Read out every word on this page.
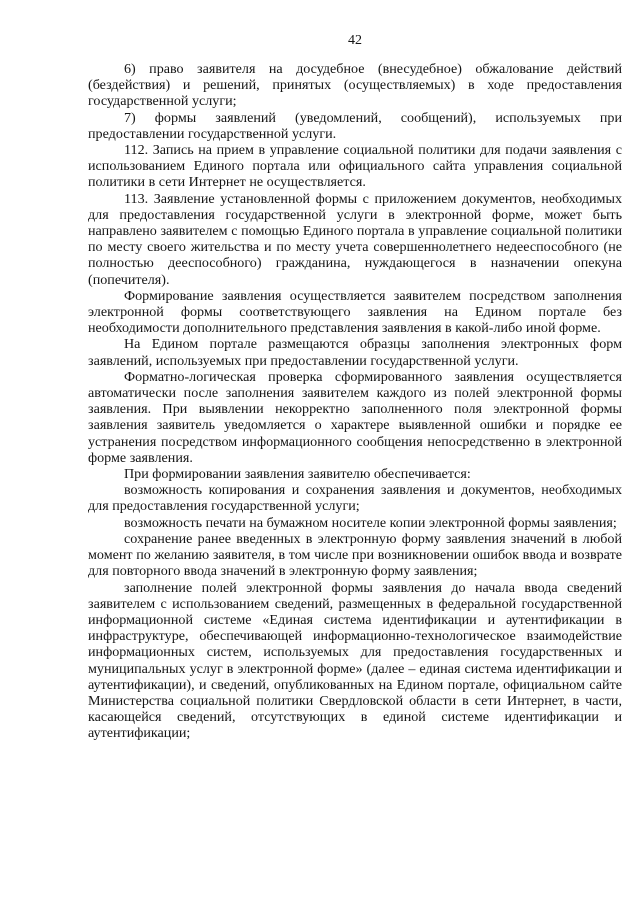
42

6) право заявителя на досудебное (внесудебное) обжалование действий (бездействия) и решений, принятых (осуществляемых) в ходе предоставления государственной услуги;

7) формы заявлений (уведомлений, сообщений), используемых при предоставлении государственной услуги.

112. Запись на прием в управление социальной политики для подачи заявления с использованием Единого портала или официального сайта управления социальной политики в сети Интернет не осуществляется.

113. Заявление установленной формы с приложением документов, необходимых для предоставления государственной услуги в электронной форме, может быть направлено заявителем с помощью Единого портала в управление социальной политики по месту своего жительства и по месту учета совершеннолетнего недееспособного (не полностью дееспособного) гражданина, нуждающегося в назначении опекуна (попечителя).

Формирование заявления осуществляется заявителем посредством заполнения электронной формы соответствующего заявления на Едином портале без необходимости дополнительного представления заявления в какой-либо иной форме.

На Едином портале размещаются образцы заполнения электронных форм заявлений, используемых при предоставлении государственной услуги.

Форматно-логическая проверка сформированного заявления осуществляется автоматически после заполнения заявителем каждого из полей электронной формы заявления. При выявлении некорректно заполненного поля электронной формы заявления заявитель уведомляется о характере выявленной ошибки и порядке ее устранения посредством информационного сообщения непосредственно в электронной форме заявления.

При формировании заявления заявителю обеспечивается:

возможность копирования и сохранения заявления и документов, необходимых для предоставления государственной услуги;

возможность печати на бумажном носителе копии электронной формы заявления;

сохранение ранее введенных в электронную форму заявления значений в любой момент по желанию заявителя, в том числе при возникновении ошибок ввода и возврате для повторного ввода значений в электронную форму заявления;

заполнение полей электронной формы заявления до начала ввода сведений заявителем с использованием сведений, размещенных в федеральной государственной информационной системе «Единая система идентификации и аутентификации в инфраструктуре, обеспечивающей информационно-технологическое взаимодействие информационных систем, используемых для предоставления государственных и муниципальных услуг в электронной форме» (далее – единая система идентификации и аутентификации), и сведений, опубликованных на Едином портале, официальном сайте Министерства социальной политики Свердловской области в сети Интернет, в части, касающейся сведений, отсутствующих в единой системе идентификации и аутентификации;
